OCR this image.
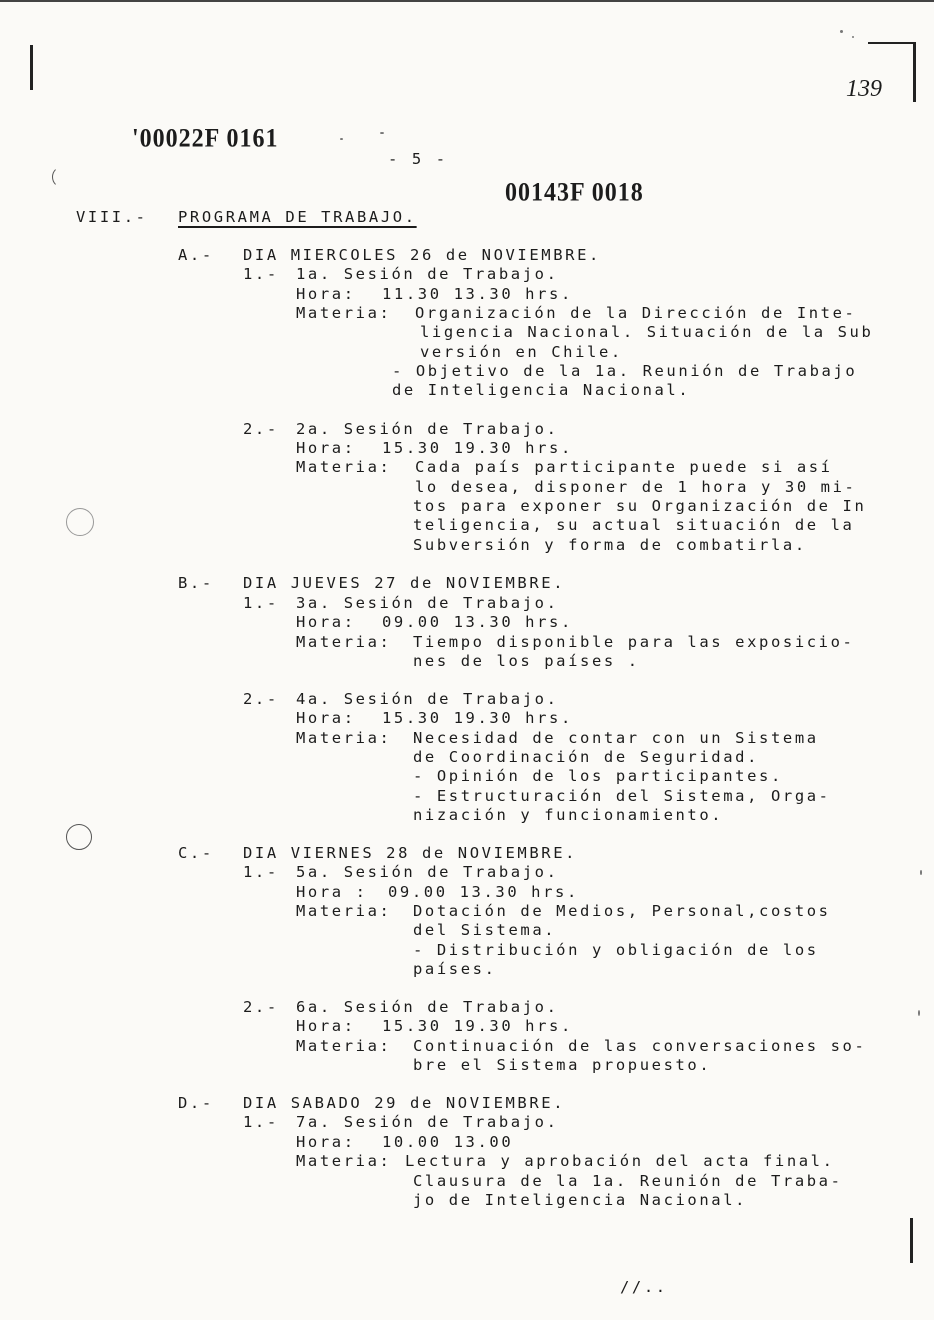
139
'00022F 0161
- 5 -
00143F 0018
VIII.- PROGRAMA DE TRABAJO.
A.- DIA MIERCOLES 26 de NOVIEMBRE.
1.- 1a. Sesión de Trabajo.
Hora: 11.30 13.30 hrs.
Materia: Organización de la Dirección de Inte-
ligencia Nacional. Situación de la Sub
versión en Chile.
- Objetivo de la 1a. Reunión de Trabajo
de Inteligencia Nacional.
2.- 2a. Sesión de Trabajo.
Hora: 15.30 19.30 hrs.
Materia: Cada país participante puede si así
lo desea, disponer de 1 hora y 30 mi-
tos para exponer su Organización de In
teligencia, su actual situación de la
Subversión y forma de combatirla.
B.- DIA JUEVES 27 de NOVIEMBRE.
1.- 3a. Sesión de Trabajo.
Hora: 09.00 13.30 hrs.
Materia: Tiempo disponible para las exposicio-
nes de los países .
2.- 4a. Sesión de Trabajo.
Hora: 15.30 19.30 hrs.
Materia: Necesidad de contar con un Sistema
de Coordinación de Seguridad.
- Opinión de los participantes.
- Estructuración del Sistema, Orga-
nización y funcionamiento.
C.- DIA VIERNES 28 de NOVIEMBRE.
1.- 5a. Sesión de Trabajo.
Hora : 09.00 13.30 hrs.
Materia: Dotación de Medios, Personal,costos
del Sistema.
- Distribución y obligación de los
países.
2.- 6a. Sesión de Trabajo.
Hora: 15.30 19.30 hrs.
Materia: Continuación de las conversaciones so-
bre el Sistema propuesto.
D.- DIA SABADO 29 de NOVIEMBRE.
1.- 7a. Sesión de Trabajo.
Hora: 10.00 13.00
Materia: Lectura y aprobación del acta final.
Clausura de la 1a. Reunión de Traba-
jo de Inteligencia Nacional.
//..
